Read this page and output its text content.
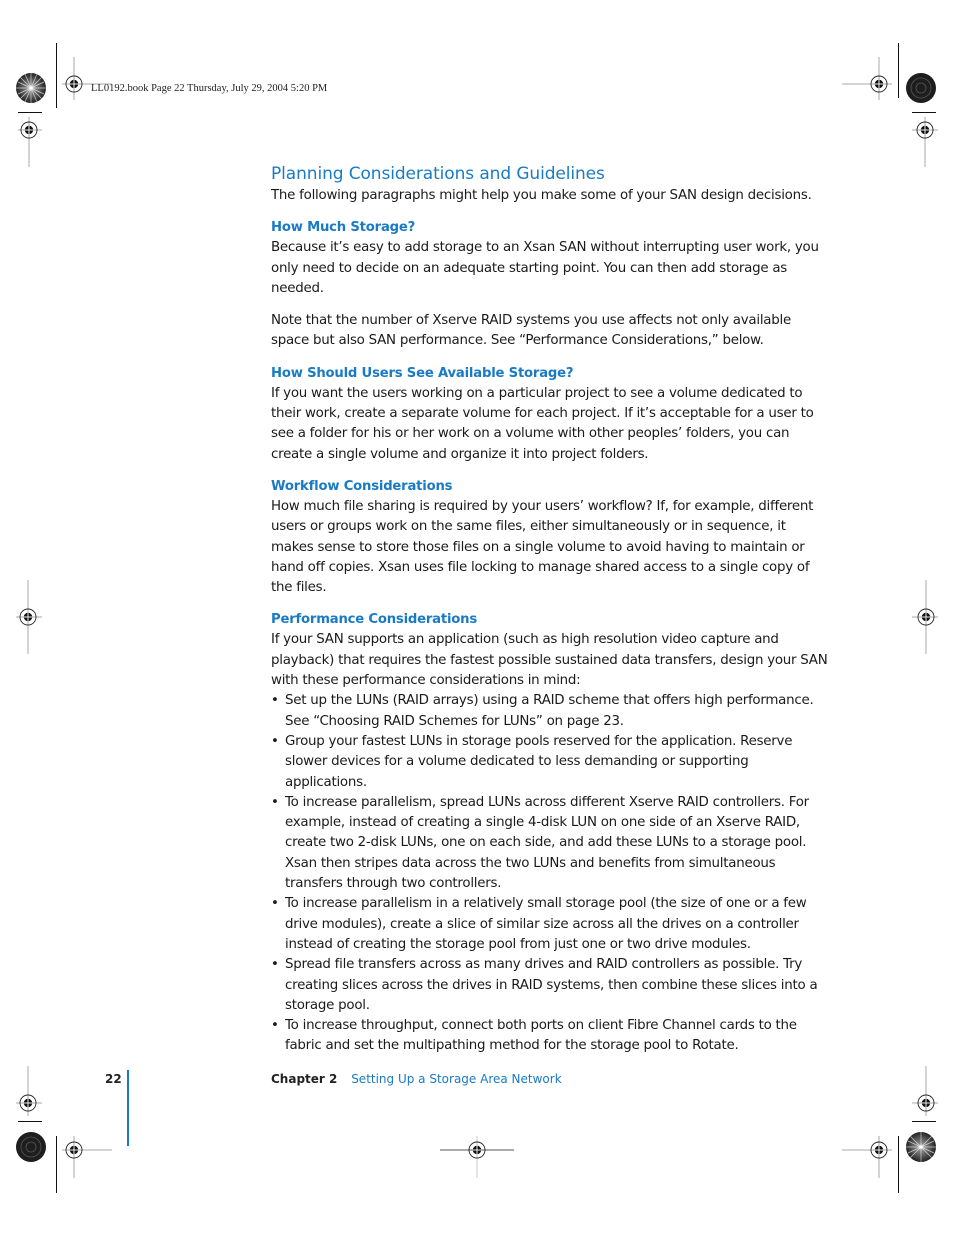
LL0192.book Page 22 Thursday, July 29, 2004 5:20 PM
Planning Considerations and Guidelines

The following paragraphs might help you make some of your SAN design decisions.

How Much Storage?

Because it’s easy to add storage to an Xsan SAN without interrupting user work, you only need to decide on an adequate starting point. You can then add storage as needed.

Note that the number of Xserve RAID systems you use affects not only available space but also SAN performance. See “Performance Considerations,” below.

How Should Users See Available Storage?

If you want the users working on a particular project to see a volume dedicated to their work, create a separate volume for each project. If it’s acceptable for a user to see a folder for his or her work on a volume with other peoples’ folders, you can create a single volume and organize it into project folders.

Workflow Considerations

How much file sharing is required by your users’ workflow? If, for example, different users or groups work on the same files, either simultaneously or in sequence, it makes sense to store those files on a single volume to avoid having to maintain or hand off copies. Xsan uses file locking to manage shared access to a single copy of the files.

Performance Considerations

If your SAN supports an application (such as high resolution video capture and playback) that requires the fastest possible sustained data transfers, design your SAN with these performance considerations in mind:

• Set up the LUNs (RAID arrays) using a RAID scheme that offers high performance. See “Choosing RAID Schemes for LUNs” on page 23.
• Group your fastest LUNs in storage pools reserved for the application. Reserve slower devices for a volume dedicated to less demanding or supporting applications.
• To increase parallelism, spread LUNs across different Xserve RAID controllers. For example, instead of creating a single 4-disk LUN on one side of an Xserve RAID, create two 2-disk LUNs, one on each side, and add these LUNs to a storage pool. Xsan then stripes data across the two LUNs and benefits from simultaneous transfers through two controllers.
• To increase parallelism in a relatively small storage pool (the size of one or a few drive modules), create a slice of similar size across all the drives on a controller instead of creating the storage pool from just one or two drive modules.
• Spread file transfers across as many drives and RAID controllers as possible. Try creating slices across the drives in RAID systems, then combine these slices into a storage pool.
• To increase throughput, connect both ports on client Fibre Channel cards to the fabric and set the multipathing method for the storage pool to Rotate.
22	Chapter 2 Setting Up a Storage Area Network
